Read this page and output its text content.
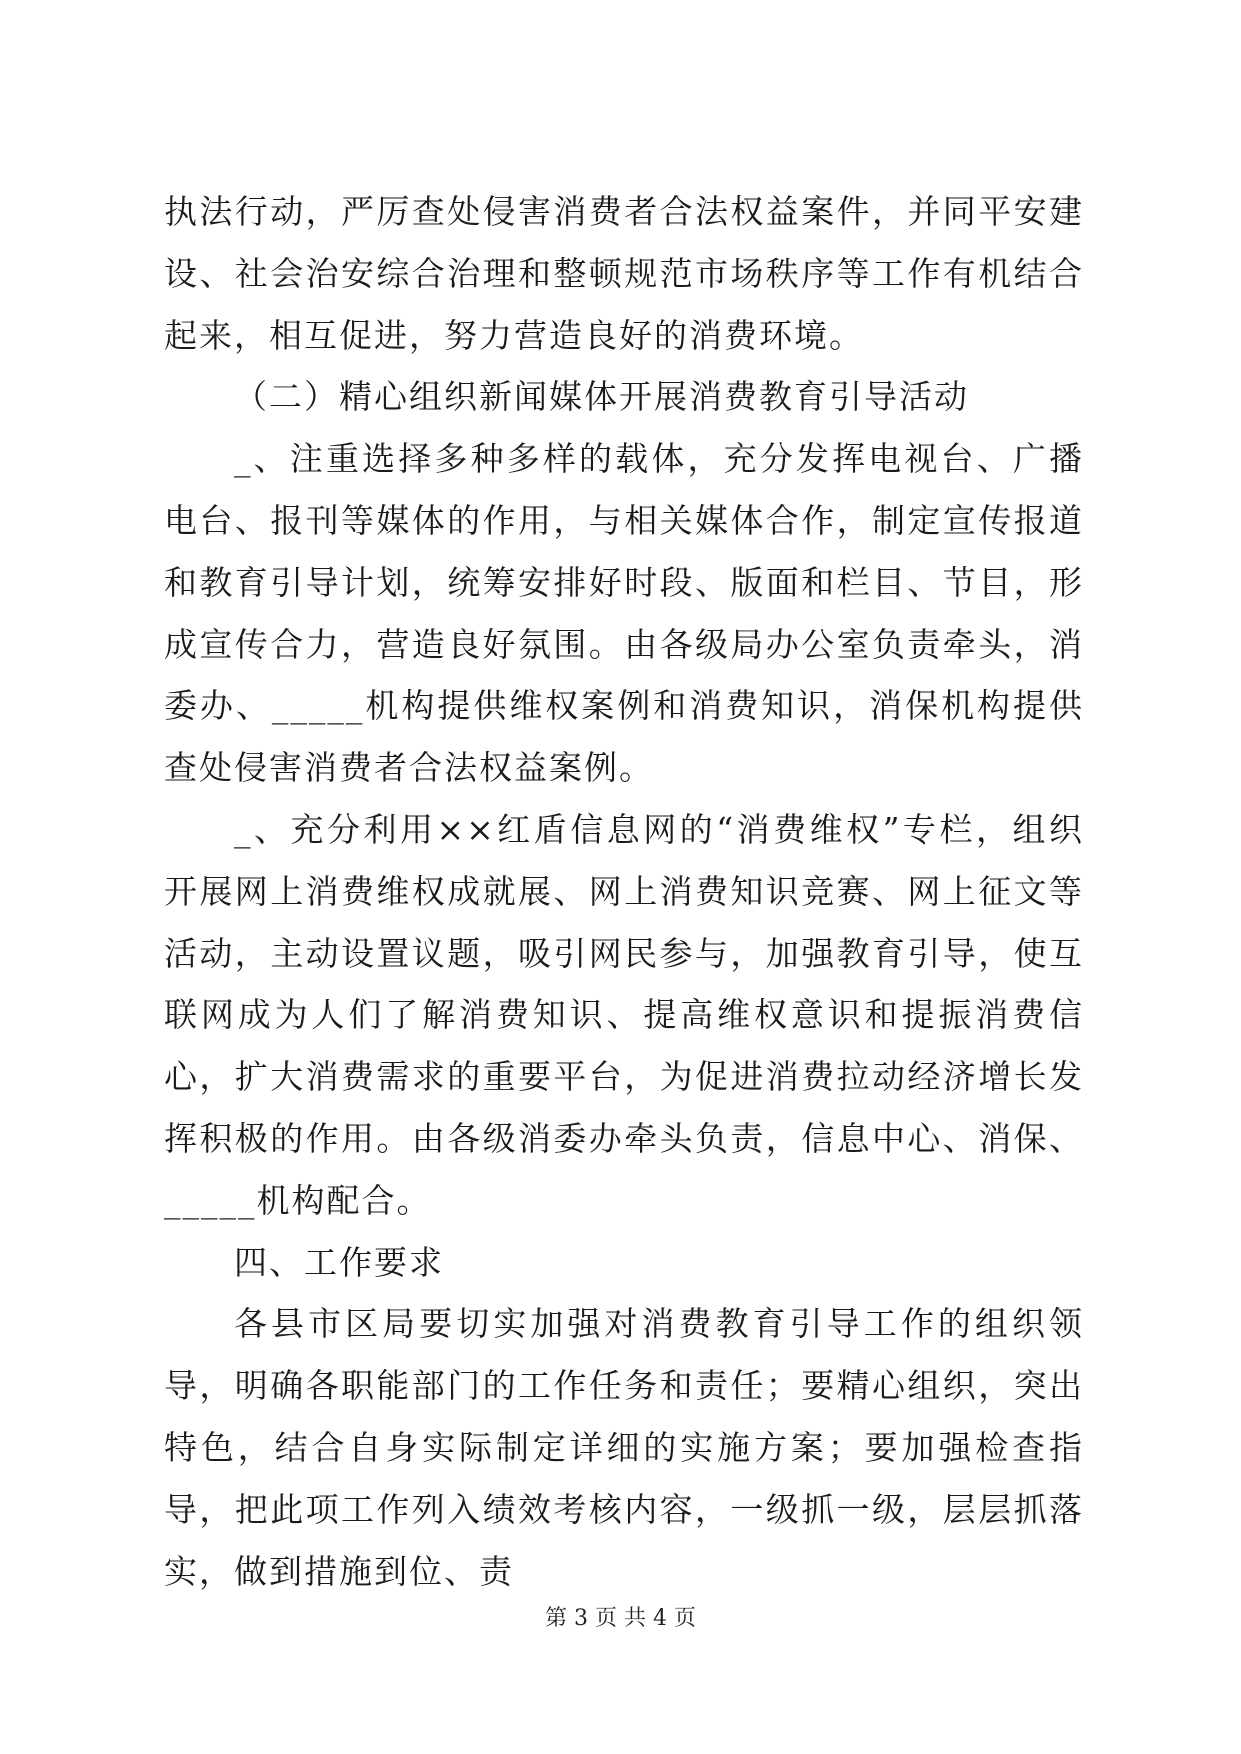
执法行动，严厉查处侵害消费者合法权益案件，并同平安建设、社会治安综合治理和整顿规范市场秩序等工作有机结合起来，相互促进，努力营造良好的消费环境。

（二）精心组织新闻媒体开展消费教育引导活动

_、注重选择多种多样的载体，充分发挥电视台、广播电台、报刊等媒体的作用，与相关媒体合作，制定宣传报道和教育引导计划，统筹安排好时段、版面和栏目、节目，形成宣传合力，营造良好氛围。由各级局办公室负责牵头，消委办、_____机构提供维权案例和消费知识，消保机构提供查处侵害消费者合法权益案例。

_、充分利用××红盾信息网的“消费维权”专栏，组织开展网上消费维权成就展、网上消费知识竞赛、网上征文等活动，主动设置议题，吸引网民参与，加强教育引导，使互联网成为人们了解消费知识、提高维权意识和提振消费信心，扩大消费需求的重要平台，为促进消费拉动经济增长发挥积极的作用。由各级消委办牵头负责，信息中心、消保、_____机构配合。

四、工作要求

各县市区局要切实加强对消费教育引导工作的组织领导，明确各职能部门的工作任务和责任；要精心组织，突出特色，结合自身实际制定详细的实施方案；要加强检查指导，把此项工作列入绩效考核内容，一级抓一级，层层抓落实，做到措施到位、责

第 3 页 共 4 页
